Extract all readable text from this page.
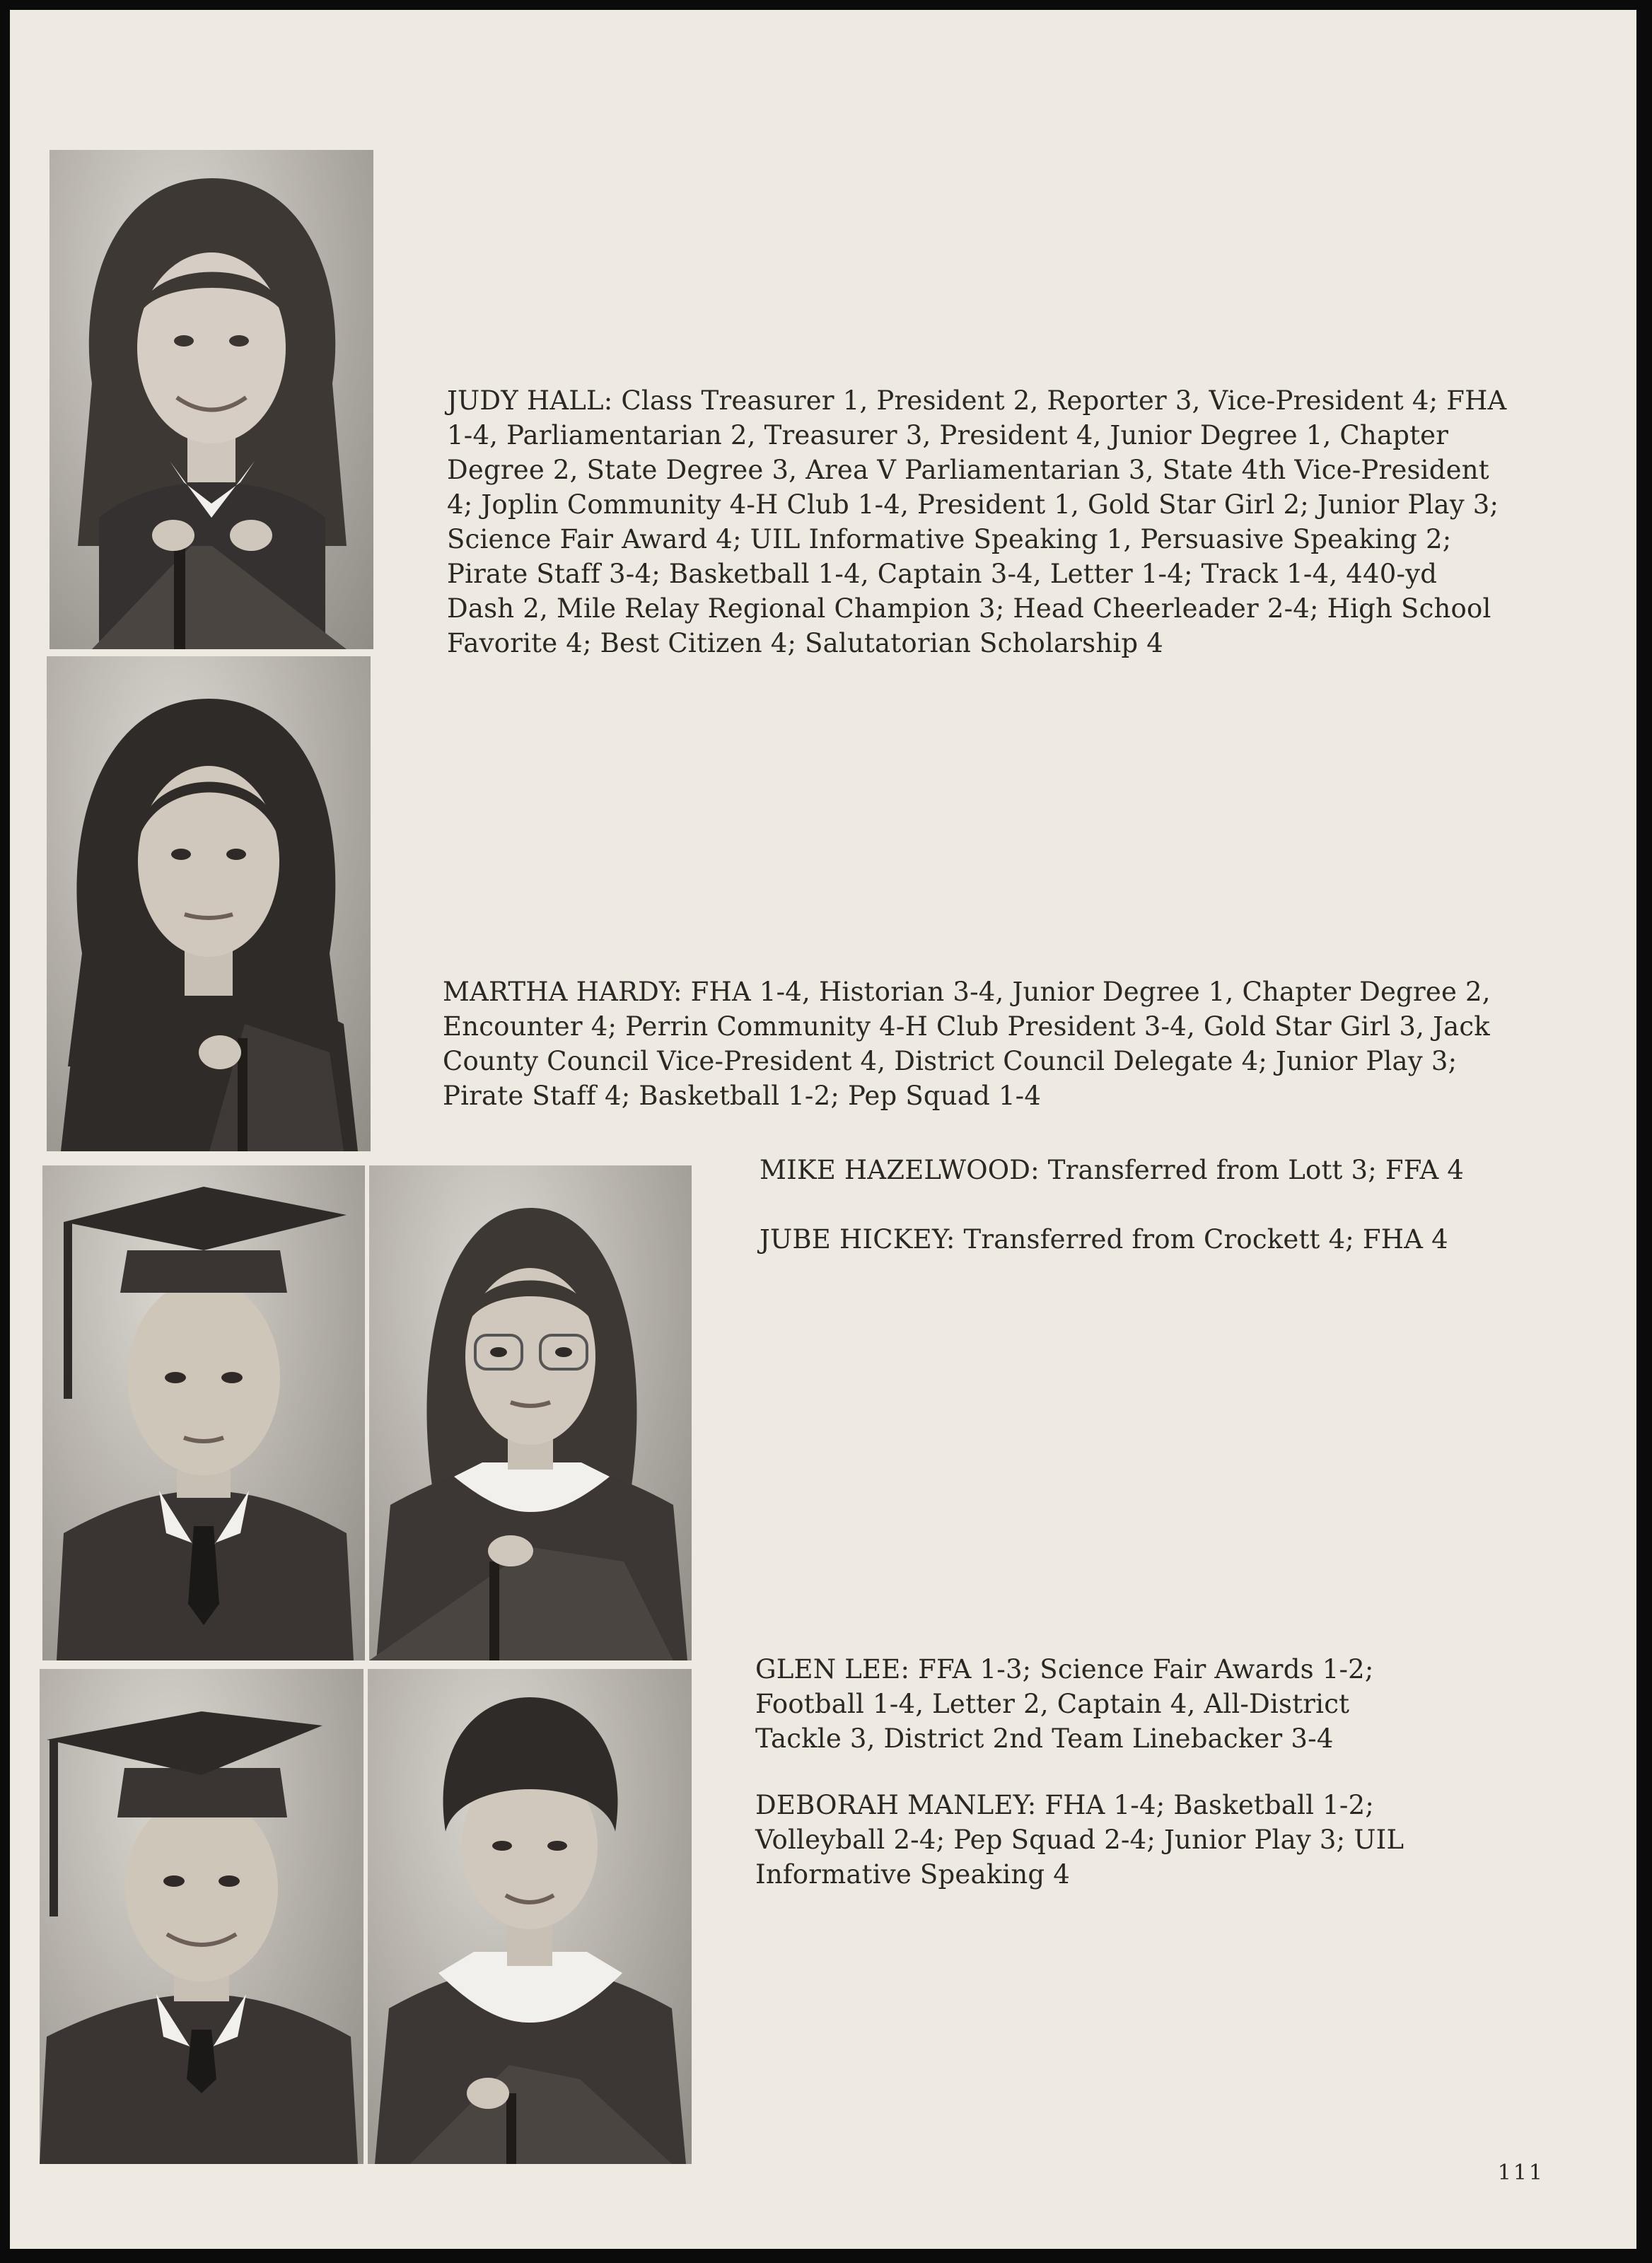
JUDY HALL: Class Treasurer 1, President 2, Reporter 3, Vice-President 4; FHA 1-4, Parliamentarian 2, Treasurer 3, President 4, Junior Degree 1, Chapter Degree 2, State Degree 3, Area V Parliamentarian 3, State 4th Vice-President 4; Joplin Community 4-H Club 1-4, President 1, Gold Star Girl 2; Junior Play 3; Science Fair Award 4; UIL Informative Speaking 1, Persuasive Speaking 2; Pirate Staff 3-4; Basketball 1-4, Captain 3-4, Letter 1-4; Track 1-4, 440-yd Dash 2, Mile Relay Regional Champion 3; Head Cheerleader 2-4; High School Favorite 4; Best Citizen 4; Salutatorian Scholarship 4
MARTHA HARDY: FHA 1-4, Historian 3-4, Junior Degree 1, Chapter Degree 2, Encounter 4; Perrin Community 4-H Club President 3-4, Gold Star Girl 3, Jack County Council Vice-President 4, District Council Delegate 4; Junior Play 3; Pirate Staff 4; Basketball 1-2; Pep Squad 1-4
MIKE HAZELWOOD: Transferred from Lott 3; FFA 4
JUBE HICKEY: Transferred from Crockett 4; FHA 4
GLEN LEE: FFA 1-3; Science Fair Awards 1-2; Football 1-4, Letter 2, Captain 4, All-District Tackle 3, District 2nd Team Linebacker 3-4
DEBORAH MANLEY: FHA 1-4; Basketball 1-2; Volleyball 2-4; Pep Squad 2-4; Junior Play 3; UIL Informative Speaking 4
111
